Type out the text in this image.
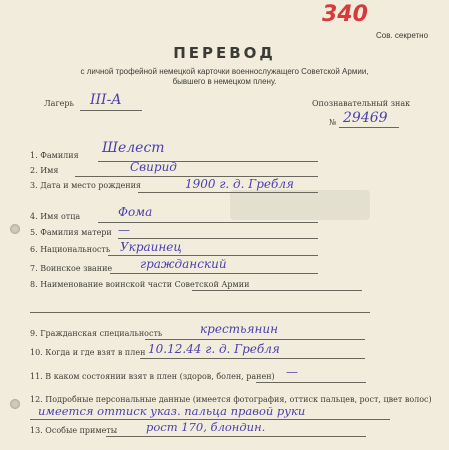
340
Сов. секретно
ПЕРЕВОД
с личной трофейной немецкой карточки военнослужащего Советской Армии,
бывшего в немецком плену.
Лагерь III-A	Опознавательный знак
№ 29469
1. Фамилия Шелест
2. Имя	Свирид
3. Дата и место рождения	1900 г. д. Гребля
4. Имя отца	Фома
5. Фамилия матери —
6. Национальность Украинец
7. Воинское звание гражданский
8. Наименование воинской части Советской Армии
9. Гражданская специальность	крестьянин
10. Когда и где взят в плен 10.12.44 г. д. Гребля
11. В каком состоянии взят в плен (здоров, болен, ранен) —
12. Подробные персональные данные (имеется фотография, оттиск пальцев, рост, цвет волос)
имеется оттиск указ. пальца правой руки
13. Особые приметы	рост 170, блондин.
